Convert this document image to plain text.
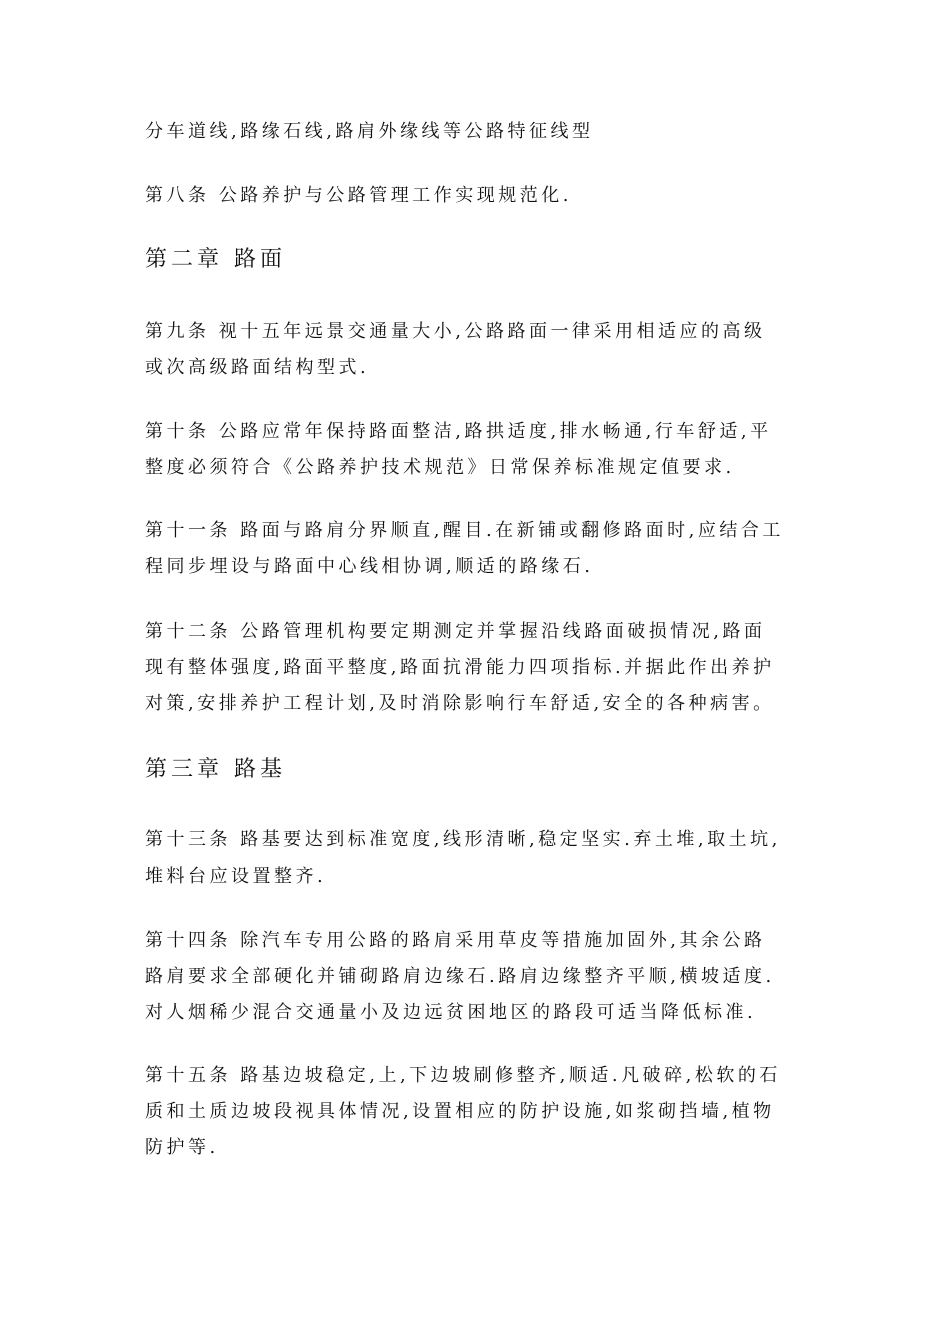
分车道线,路缘石线,路肩外缘线等公路特征线型
第八条 公路养护与公路管理工作实现规范化.
第二章 路面
第九条 视十五年远景交通量大小,公路路面一律采用相适应的高级
或次高级路面结构型式.
第十条 公路应常年保持路面整洁,路拱适度,排水畅通,行车舒适,平
整度必须符合《公路养护技术规范》日常保养标准规定值要求.
第十一条 路面与路肩分界顺直,醒目.在新铺或翻修路面时,应结合工
程同步埋设与路面中心线相协调,顺适的路缘石.
第十二条 公路管理机构要定期测定并掌握沿线路面破损情况,路面
现有整体强度,路面平整度,路面抗滑能力四项指标.并据此作出养护
对策,安排养护工程计划,及时消除影响行车舒适,安全的各种病害。
第三章 路基
第十三条 路基要达到标准宽度,线形清晰,稳定坚实.弃土堆,取土坑,
堆料台应设置整齐.
第十四条 除汽车专用公路的路肩采用草皮等措施加固外,其余公路
路肩要求全部硬化并铺砌路肩边缘石.路肩边缘整齐平顺,横坡适度.
对人烟稀少混合交通量小及边远贫困地区的路段可适当降低标准.
第十五条 路基边坡稳定,上,下边坡刷修整齐,顺适.凡破碎,松软的石
质和土质边坡段视具体情况,设置相应的防护设施,如浆砌挡墙,植物
防护等.
